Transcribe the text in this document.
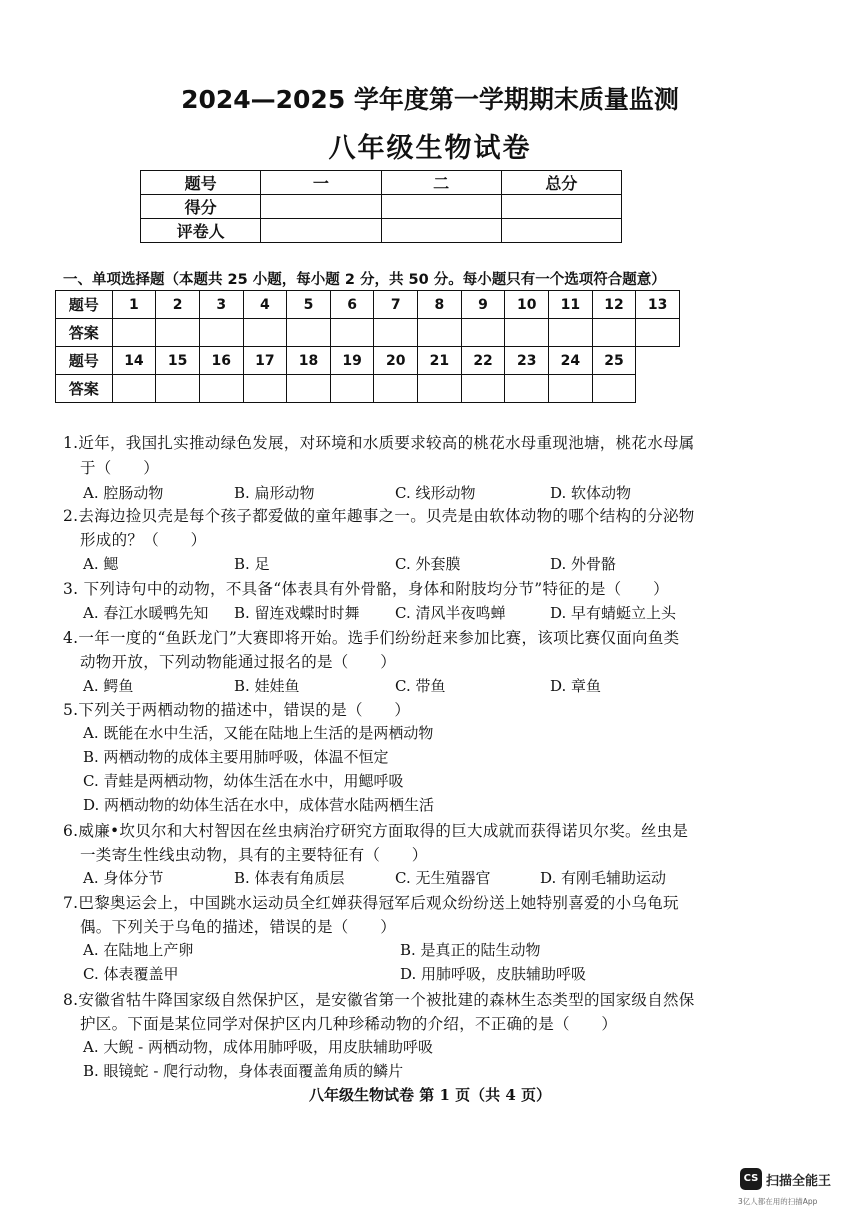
2024—2025 学年度第一学期期末质量监测
八年级生物试卷
题号	一	二	总分
得分			
评卷人			
一、单项选择题（本题共 25 小题，每小题 2 分，共 50 分。每小题只有一个选项符合题意）
题号	1	2	3	4	5	6	7	8	9	10	11	12	13
答案													
题号	14	15	16	17	18	19	20	21	22	23	24	25	
答案													
1.近年，我国扎实推动绿色发展，对环境和水质要求较高的桃花水母重现池塘，桃花水母属
于（　　）
A. 腔肠动物	B. 扁形动物	C. 线形动物	D. 软体动物
2.去海边捡贝壳是每个孩子都爱做的童年趣事之一。贝壳是由软体动物的哪个结构的分泌物
形成的？（　　）
A. 鳃	B. 足	C. 外套膜	D. 外骨骼
3. 下列诗句中的动物，不具备“体表具有外骨骼，身体和附肢均分节”特征的是（　　）
A. 春江水暖鸭先知 B. 留连戏蝶时时舞 C. 清风半夜鸣蝉	D. 早有蜻蜓立上头
4.一年一度的“鱼跃龙门”大赛即将开始。选手们纷纷赶来参加比赛，该项比赛仅面向鱼类
动物开放，下列动物能通过报名的是（　　）
A. 鳄鱼	B. 娃娃鱼	C. 带鱼	D. 章鱼
5.下列关于两栖动物的描述中，错误的是（　　）
A. 既能在水中生活，又能在陆地上生活的是两栖动物
B. 两栖动物的成体主要用肺呼吸，体温不恒定
C. 青蛙是两栖动物，幼体生活在水中，用鳃呼吸
D. 两栖动物的幼体生活在水中，成体营水陆两栖生活
6.威廉•坎贝尔和大村智因在丝虫病治疗研究方面取得的巨大成就而获得诺贝尔奖。丝虫是
一类寄生性线虫动物，具有的主要特征有（　　）
A. 身体分节	B. 体表有角质层	C. 无生殖器官	D. 有刚毛辅助运动
7.巴黎奥运会上，中国跳水运动员全红婵获得冠军后观众纷纷送上她特别喜爱的小乌龟玩
偶。下列关于乌龟的描述，错误的是（　　）
A. 在陆地上产卵	B. 是真正的陆生动物
C. 体表覆盖甲	D. 用肺呼吸，皮肤辅助呼吸
8.安徽省牯牛降国家级自然保护区，是安徽省第一个被批建的森林生态类型的国家级自然保
护区。下面是某位同学对保护区内几种珍稀动物的介绍，不正确的是（　　）
A. 大鲵 - 两栖动物，成体用肺呼吸，用皮肤辅助呼吸
B. 眼镜蛇 - 爬行动物，身体表面覆盖角质的鳞片
八年级生物试卷 第 1 页（共 4 页）
CS 扫描全能王
3亿人都在用的扫描App
